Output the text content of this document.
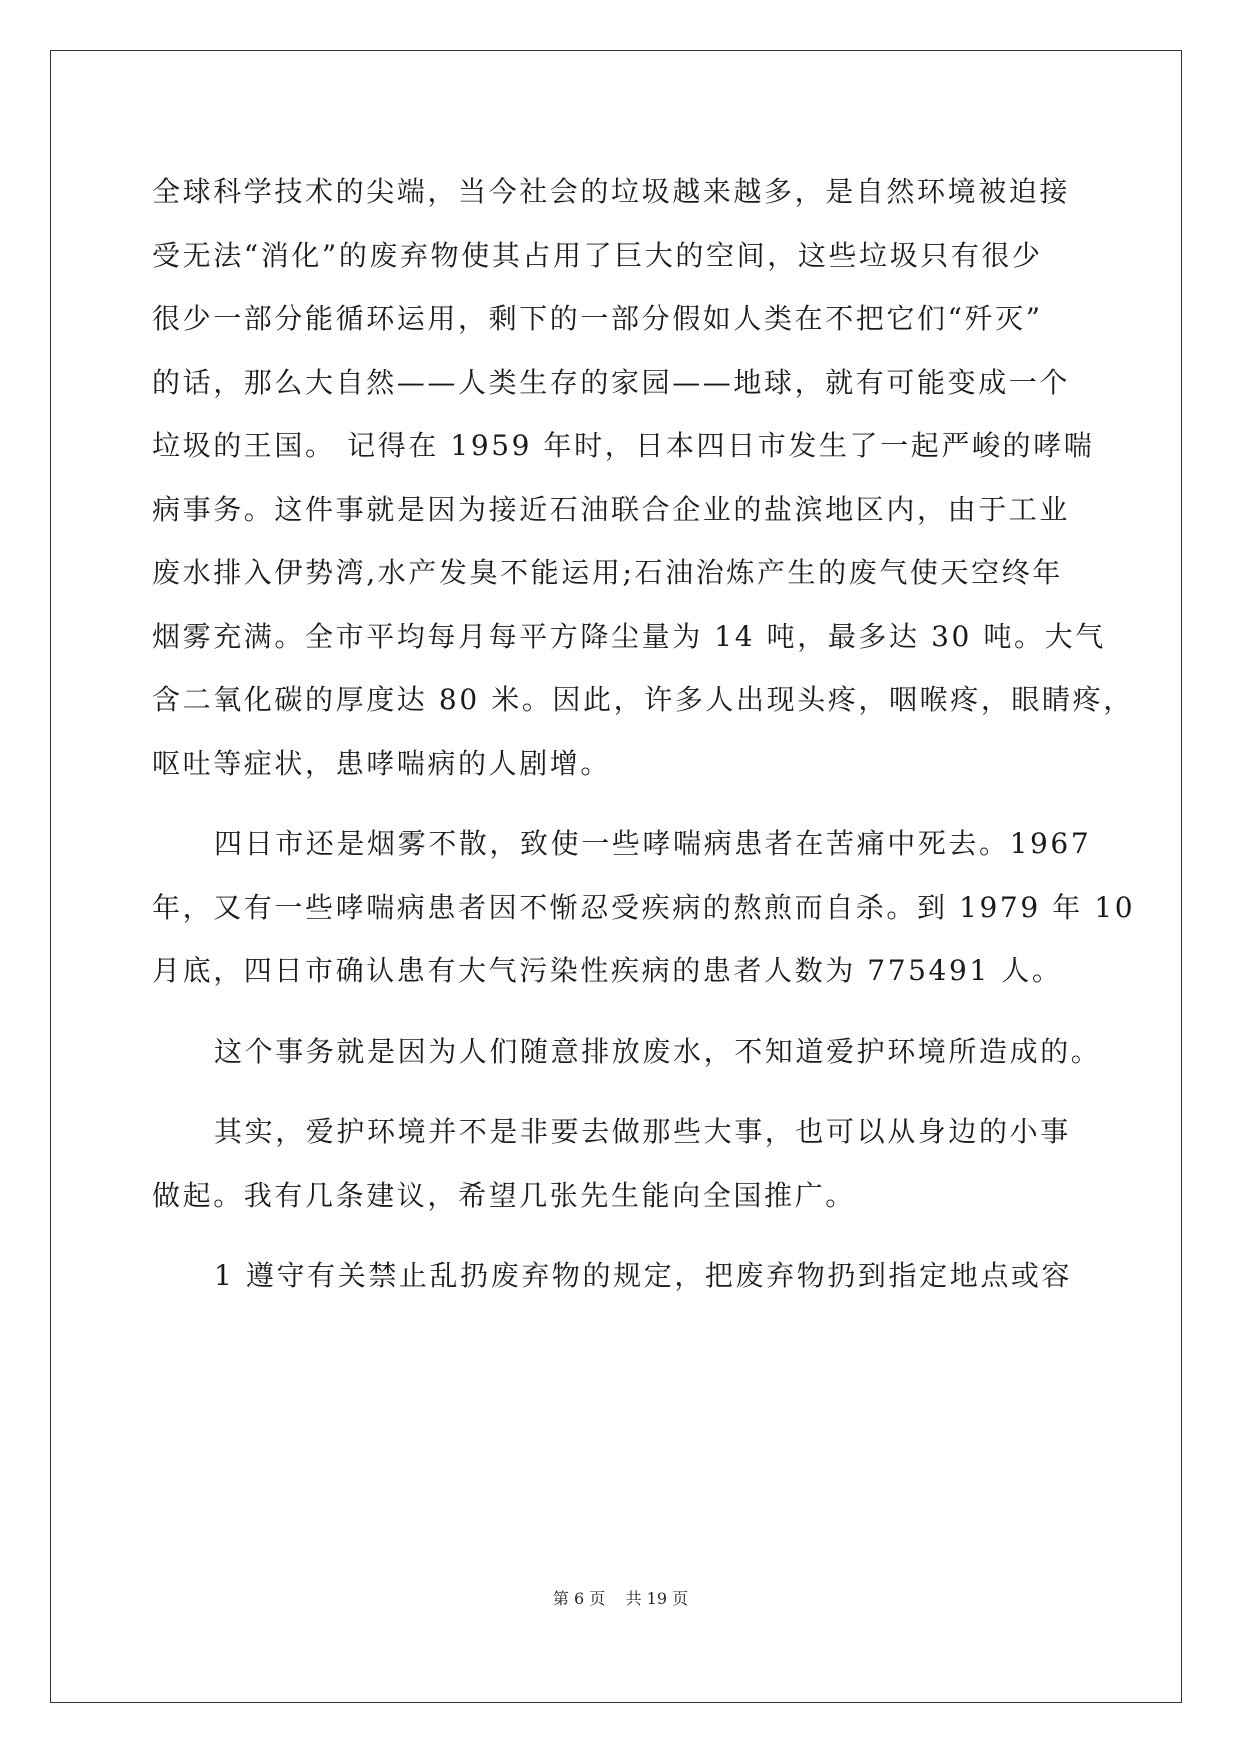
全球科学技术的尖端，当今社会的垃圾越来越多，是自然环境被迫接
受无法“消化”的废弃物使其占用了巨大的空间，这些垃圾只有很少
很少一部分能循环运用，剩下的一部分假如人类在不把它们“歼灭”
的话，那么大自然——人类生存的家园——地球，就有可能变成一个
垃圾的王国。 记得在 1959 年时，日本四日市发生了一起严峻的哮喘
病事务。这件事就是因为接近石油联合企业的盐滨地区内，由于工业
废水排入伊势湾,水产发臭不能运用;石油治炼产生的废气使天空终年
烟雾充满。全市平均每月每平方降尘量为 14 吨，最多达 30 吨。大气
含二氧化碳的厚度达 80 米。因此，许多人出现头疼，咽喉疼，眼睛疼，
呕吐等症状，患哮喘病的人剧增。
四日市还是烟雾不散，致使一些哮喘病患者在苦痛中死去。1967
年，又有一些哮喘病患者因不惭忍受疾病的熬煎而自杀。到 1979 年 10
月底，四日市确认患有大气污染性疾病的患者人数为 775491 人。
这个事务就是因为人们随意排放废水，不知道爱护环境所造成的。
其实，爱护环境并不是非要去做那些大事，也可以从身边的小事
做起。我有几条建议，希望几张先生能向全国推广。
1 遵守有关禁止乱扔废弃物的规定，把废弃物扔到指定地点或容
第 6 页    共 19 页
